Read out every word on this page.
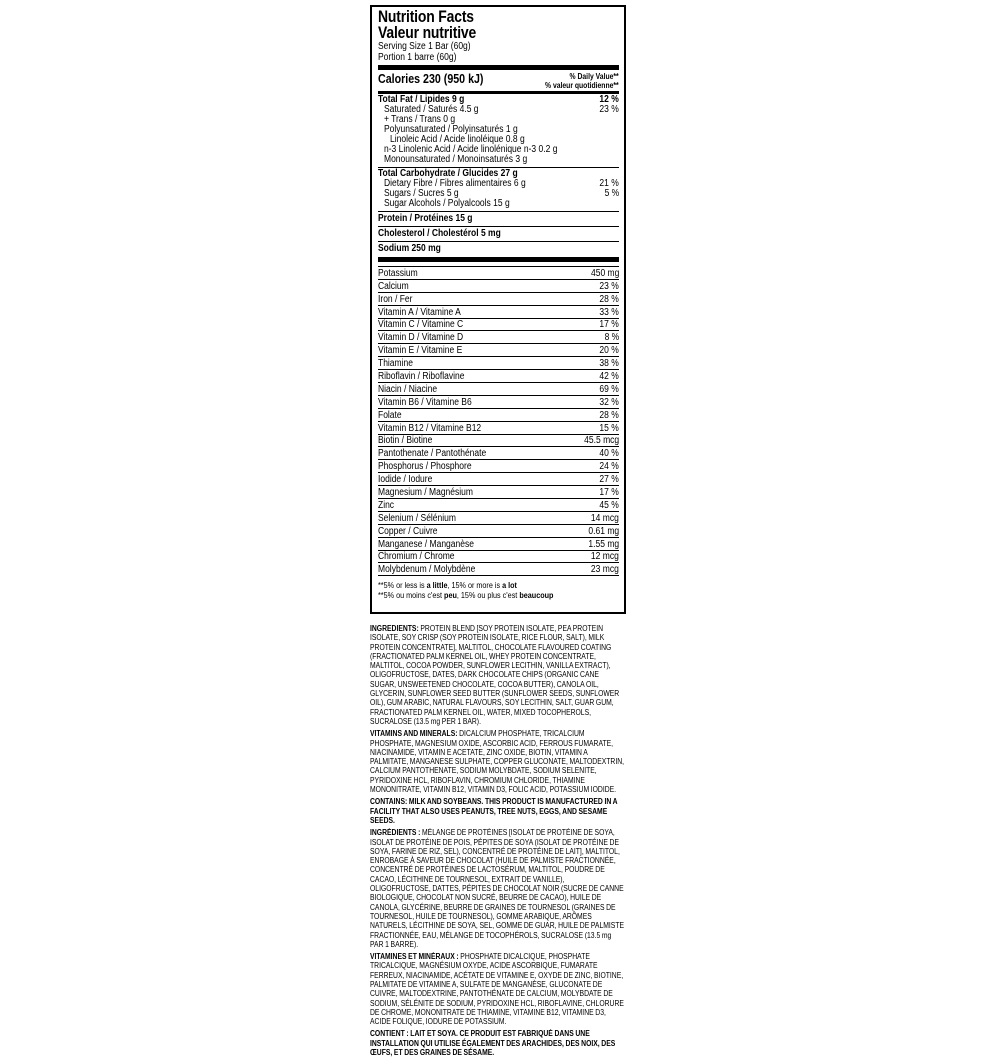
Nutrition Facts
Valeur nutritive
Serving Size 1 Bar (60g)
Portion 1 barre (60g)
Calories 230 (950 kJ)	% Daily Value**
% valeur quotidienne**
Total Fat / Lipides 9 g	12 %
Saturated / Saturés 4.5 g	23 %
+ Trans / Trans 0 g
Polyunsaturated / Polyinsaturés 1 g
Linoleic Acid / Acide linoléique 0.8 g
n-3 Linolenic Acid / Acide linolénique n-3 0.2 g
Monounsaturated / Monoinsaturés 3 g
Total Carbohydrate / Glucides 27 g
Dietary Fibre / Fibres alimentaires 6 g	21 %
Sugars / Sucres 5 g	5 %
Sugar Alcohols / Polyalcools 15 g
Protein / Protéines 15 g
Cholesterol / Cholestérol 5 mg
Sodium 250 mg
Potassium	450 mg
Calcium	23 %
Iron / Fer	28 %
Vitamin A / Vitamine A	33 %
Vitamin C / Vitamine C	17 %
Vitamin D / Vitamine D	8 %
Vitamin E / Vitamine E	20 %
Thiamine	38 %
Riboflavin / Riboflavine	42 %
Niacin / Niacine	69 %
Vitamin B6 / Vitamine B6	32 %
Folate	28 %
Vitamin B12 / Vitamine B12	15 %
Biotin / Biotine	45.5 mcg
Pantothenate / Pantothénate	40 %
Phosphorus / Phosphore	24 %
Iodide / Iodure	27 %
Magnesium / Magnésium	17 %
Zinc	45 %
Selenium / Sélénium	14 mcg
Copper / Cuivre	0.61 mg
Manganese / Manganèse	1.55 mg
Chromium / Chrome	12 mcg
Molybdenum / Molybdène	23 mcg
**5% or less is a little, 15% or more is a lot
**5% ou moins c'est peu, 15% ou plus c'est beaucoup
INGREDIENTS: PROTEIN BLEND [SOY PROTEIN ISOLATE, PEA PROTEIN ISOLATE, SOY CRISP (SOY PROTEIN ISOLATE, RICE FLOUR, SALT), MILK PROTEIN CONCENTRATE], MALTITOL, CHOCOLATE FLAVOURED COATING (FRACTIONATED PALM KERNEL OIL, WHEY PROTEIN CONCENTRATE, MALTITOL, COCOA POWDER, SUNFLOWER LECITHIN, VANILLA EXTRACT), OLIGOFRUCTOSE, DATES, DARK CHOCOLATE CHIPS (ORGANIC CANE SUGAR, UNSWEETENED CHOCOLATE, COCOA BUTTER), CANOLA OIL, GLYCERIN, SUNFLOWER SEED BUTTER (SUNFLOWER SEEDS, SUNFLOWER OIL), GUM ARABIC, NATURAL FLAVOURS, SOY LECITHIN, SALT, GUAR GUM, FRACTIONATED PALM KERNEL OIL, WATER, MIXED TOCOPHEROLS, SUCRALOSE (13.5 mg PER 1 BAR).
VITAMINS AND MINERALS: DICALCIUM PHOSPHATE, TRICALCIUM PHOSPHATE, MAGNESIUM OXIDE, ASCORBIC ACID, FERROUS FUMARATE, NIACINAMIDE, VITAMIN E ACETATE, ZINC OXIDE, BIOTIN, VITAMIN A PALMITATE, MANGANESE SULPHATE, COPPER GLUCONATE, MALTODEXTRIN, CALCIUM PANTOTHENATE, SODIUM MOLYBDATE, SODIUM SELENITE, PYRIDOXINE HCL, RIBOFLAVIN, CHROMIUM CHLORIDE, THIAMINE MONONITRATE, VITAMIN B12, VITAMIN D3, FOLIC ACID, POTASSIUM IODIDE.
CONTAINS: MILK AND SOYBEANS. THIS PRODUCT IS MANUFACTURED IN A FACILITY THAT ALSO USES PEANUTS, TREE NUTS, EGGS, AND SESAME SEEDS.
INGRÉDIENTS : MÉLANGE DE PROTÉINES [ISOLAT DE PROTÉINE DE SOYA, ISOLAT DE PROTÉINE DE POIS, PÉPITES DE SOYA (ISOLAT DE PROTÉINE DE SOYA, FARINE DE RIZ, SEL), CONCENTRÉ DE PROTÉINE DE LAIT], MALTITOL, ENROBAGE À SAVEUR DE CHOCOLAT (HUILE DE PALMISTE FRACTIONNÉE, CONCENTRÉ DE PROTÉINES DE LACTOSÉRUM, MALTITOL, POUDRE DE CACAO, LÉCITHINE DE TOURNESOL, EXTRAIT DE VANILLE), OLIGOFRUCTOSE, DATTES, PÉPITES DE CHOCOLAT NOIR (SUCRE DE CANNE BIOLOGIQUE, CHOCOLAT NON SUCRÉ, BEURRE DE CACAO), HUILE DE CANOLA, GLYCÉRINE, BEURRE DE GRAINES DE TOURNESOL (GRAINES DE TOURNESOL, HUILE DE TOURNESOL), GOMME ARABIQUE, ARÔMES NATURELS, LÉCITHINE DE SOYA, SEL, GOMME DE GUAR, HUILE DE PALMISTE FRACTIONNÉE, EAU, MÉLANGE DE TOCOPHÉROLS, SUCRALOSE (13.5 mg PAR 1 BARRE).
VITAMINES ET MINÉRAUX : PHOSPHATE DICALCIQUE, PHOSPHATE TRICALCIQUE, MAGNÉSIUM OXYDE, ACIDE ASCORBIQUE, FUMARATE FERREUX, NIACINAMIDE, ACÉTATE DE VITAMINE E, OXYDE DE ZINC, BIOTINE, PALMITATE DE VITAMINE A, SULFATE DE MANGANÈSE, GLUCONATE DE CUIVRE, MALTODEXTRINE, PANTOTHÉNATE DE CALCIUM, MOLYBDATE DE SODIUM, SÉLÉNITE DE SODIUM, PYRIDOXINE HCL, RIBOFLAVINE, CHLORURE DE CHROME, MONONITRATE DE THIAMINE, VITAMINE B12, VITAMINE D3, ACIDE FOLIQUE, IODURE DE POTASSIUM.
CONTIENT : LAIT ET SOYA. CE PRODUIT EST FABRIQUÉ DANS UNE INSTALLATION QUI UTILISE ÉGALEMENT DES ARACHIDES, DES NOIX, DES ŒUFS, ET DES GRAINES DE SÉSAME.
